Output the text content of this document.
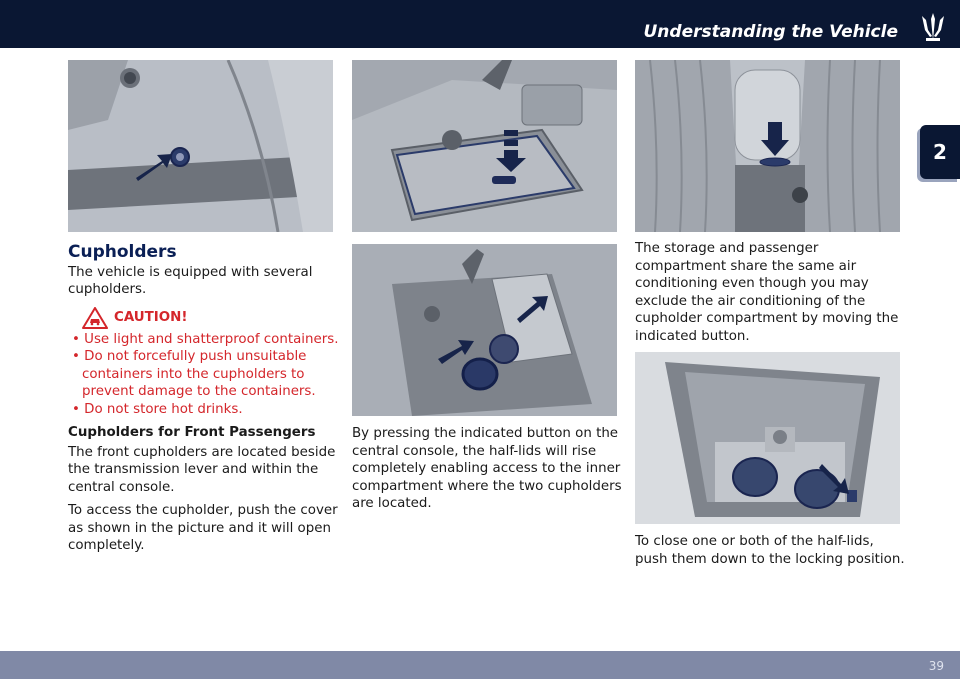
Understanding the Vehicle
2
Cupholders

The vehicle is equipped with several cupholders.

CAUTION!
• Use light and shatterproof containers.
• Do not forcefully push unsuitable containers into the cupholders to prevent damage to the containers.
• Do not store hot drinks.
Cupholders for Front Passengers

The front cupholders are located beside the transmission lever and within the central console.

To access the cupholder, push the cover as shown in the picture and it will open completely.

By pressing the indicated button on the central console, the half-lids will rise completely enabling access to the inner compartment where the two cupholders are located.

The storage and passenger compartment share the same air conditioning even though you may exclude the air conditioning of the cupholder compartment by moving the indicated button.

To close one or both of the half-lids, push them down to the locking position.

39
